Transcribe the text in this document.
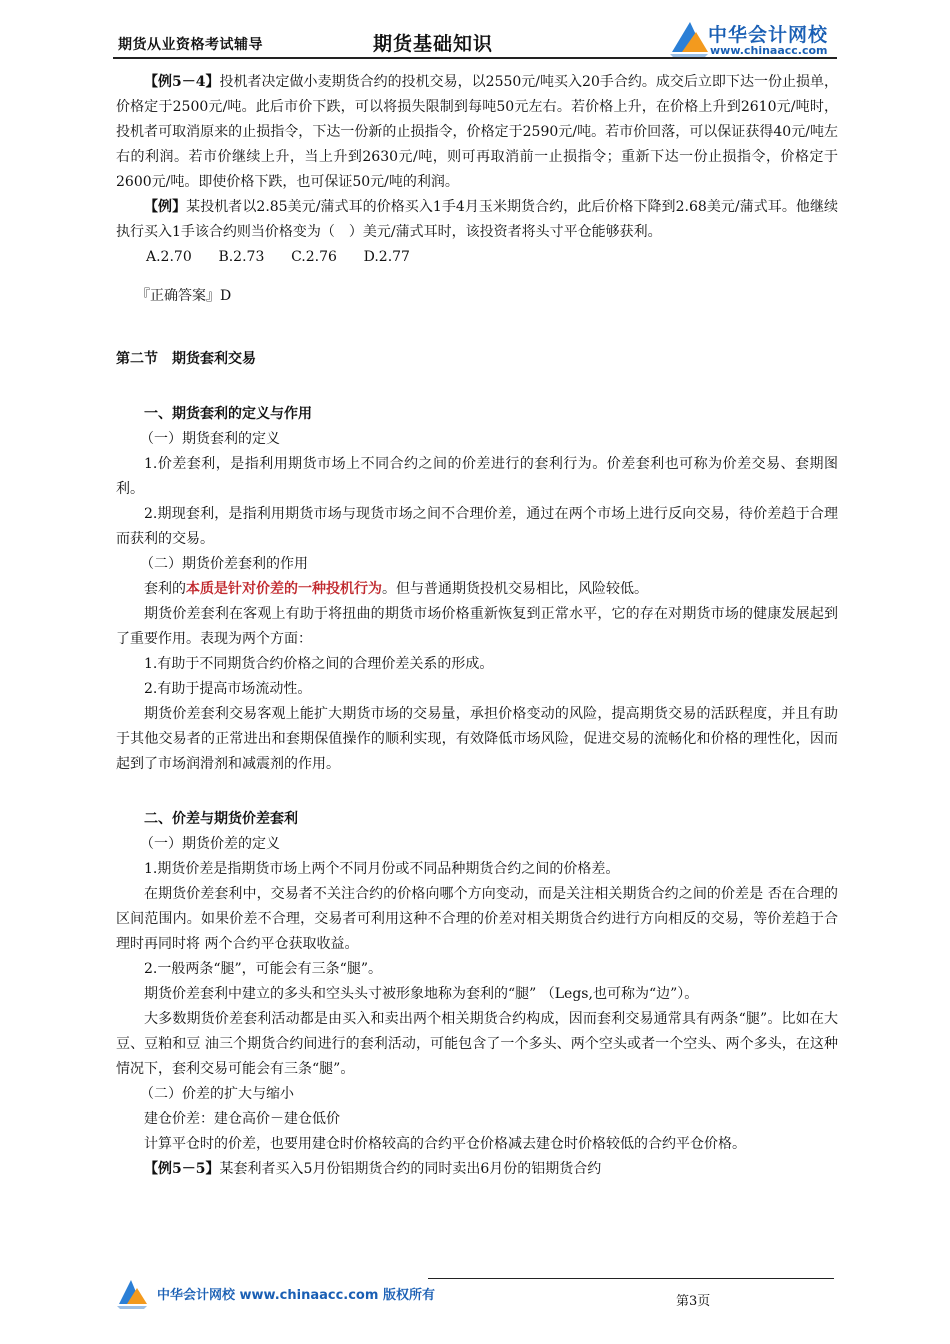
期货从业资格考试辅导	期货基础知识	中华会计网校
www.chinaacc.com

【例5－4】投机者决定做小麦期货合约的投机交易，以2550元/吨买入20手合约。成交后立即下达一份止损单，价格定于2500元/吨。此后市价下跌，可以将损失限制到每吨50元左右。若价格上升，在价格上升到2610元/吨时，投机者可取消原来的止损指令，下达一份新的止损指令，价格定于2590元/吨。若市价回落，可以保证获得40元/吨左右的利润。若市价继续上升，当上升到2630元/吨，则可再取消前一止损指令；重新下达一份止损指令，价格定于2600元/吨。即使价格下跌，也可保证50元/吨的利润。

【例】某投机者以2.85美元/蒲式耳的价格买入1手4月玉米期货合约，此后价格下降到2.68美元/蒲式耳。他继续执行买入1手该合约则当价格变为（　）美元/蒲式耳时，该投资者将头寸平仓能够获利。

A.2.70 B.2.73 C.2.76 D.2.77
『正确答案』D
第二节　期货套利交易
一、期货套利的定义与作用
（一）期货套利的定义

1.价差套利，是指利用期货市场上不同合约之间的价差进行的套利行为。价差套利也可称为价差交易、套期图利。

2.期现套利，是指利用期货市场与现货市场之间不合理价差，通过在两个市场上进行反向交易，待价差趋于合理而获利的交易。

（二）期货价差套利的作用

套利的本质是针对价差的一种投机行为。但与普通期货投机交易相比，风险较低。

期货价差套利在客观上有助于将扭曲的期货市场价格重新恢复到正常水平，它的存在对期货市场的健康发展起到了重要作用。表现为两个方面：

1.有助于不同期货合约价格之间的合理价差关系的形成。

2.有助于提高市场流动性。

期货价差套利交易客观上能扩大期货市场的交易量，承担价格变动的风险，提高期货交易的活跃程度，并且有助于其他交易者的正常进出和套期保值操作的顺利实现，有效降低市场风险，促进交易的流畅化和价格的理性化，因而起到了市场润滑剂和减震剂的作用。

二、价差与期货价差套利
（一）期货价差的定义

1.期货价差是指期货市场上两个不同月份或不同品种期货合约之间的价格差。

在期货价差套利中，交易者不关注合约的价格向哪个方向变动，而是关注相关期货合约之间的价差是 否在合理的区间范围内。如果价差不合理，交易者可利用这种不合理的价差对相关期货合约进行方向相反的交易，等价差趋于合理时再同时将 两个合约平仓获取收益。

2.一般两条“腿”，可能会有三条“腿”。

期货价差套利中建立的多头和空头头寸被形象地称为套利的“腿” （Legs,也可称为“边”）。

大多数期货价差套利活动都是由买入和卖出两个相关期货合约构成，因而套利交易通常具有两条“腿”。比如在大豆、豆粕和豆 油三个期货合约间进行的套利活动，可能包含了一个多头、两个空头或者一个空头、两个多头，在这种情况下，套利交易可能会有三条“腿”。

（二）价差的扩大与缩小

建仓价差：建仓高价－建仓低价

计算平仓时的价差，也要用建仓时价格较高的合约平仓价格减去建仓时价格较低的合约平仓价格。

【例5－5】某套利者买入5月份铝期货合约的同时卖出6月份的铝期货合约

中华会计网校 www.chinaacc.com 版权所有	第3页
